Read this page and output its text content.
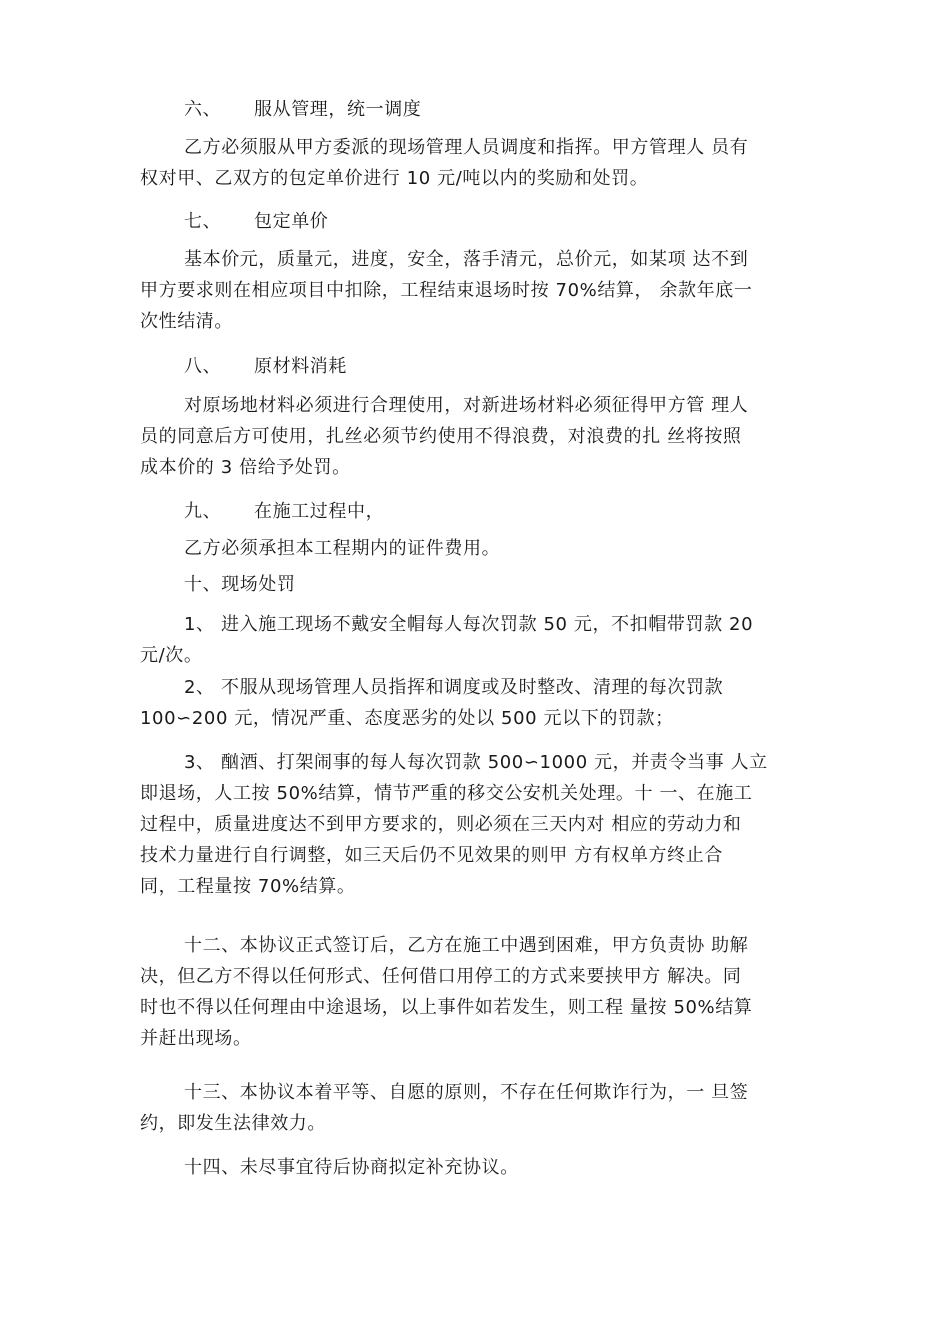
六、 服从管理，统一调度
乙方必须服从甲方委派的现场管理人员调度和指挥。甲方管理人 员有
权对甲、乙双方的包定单价进行 10 元/吨以内的奖励和处罚。
七、 包定单价
基本价元，质量元，进度，安全，落手清元，总价元，如某项 达不到
甲方要求则在相应项目中扣除，工程结束退场时按 70%结算， 余款年底一
次性结清。
八、 原材料消耗
对原场地材料必须进行合理使用，对新进场材料必须征得甲方管 理人
员的同意后方可使用，扎丝必须节约使用不得浪费，对浪费的扎 丝将按照
成本价的 3 倍给予处罚。
九、 在施工过程中，
乙方必须承担本工程期内的证件费用。
十、现场处罚
1、 进入施工现场不戴安全帽每人每次罚款 50 元，不扣帽带罚款 20
元/次。
2、 不服从现场管理人员指挥和调度或及时整改、清理的每次罚款
100∽200 元，情况严重、态度恶劣的处以 500 元以下的罚款；
3、 酗酒、打架闹事的每人每次罚款 500∽1000 元，并责令当事 人立
即退场，人工按 50%结算，情节严重的移交公安机关处理。十 一、在施工
过程中，质量进度达不到甲方要求的，则必须在三天内对 相应的劳动力和
技术力量进行自行调整，如三天后仍不见效果的则甲 方有权单方终止合
同，工程量按 70%结算。
十二、本协议正式签订后，乙方在施工中遇到困难，甲方负责协 助解
决，但乙方不得以任何形式、任何借口用停工的方式来要挟甲方 解决。同
时也不得以任何理由中途退场，以上事件如若发生，则工程 量按 50%结算
并赶出现场。
十三、本协议本着平等、自愿的原则，不存在任何欺诈行为，一 旦签
约，即发生法律效力。
十四、未尽事宜待后协商拟定补充协议。
